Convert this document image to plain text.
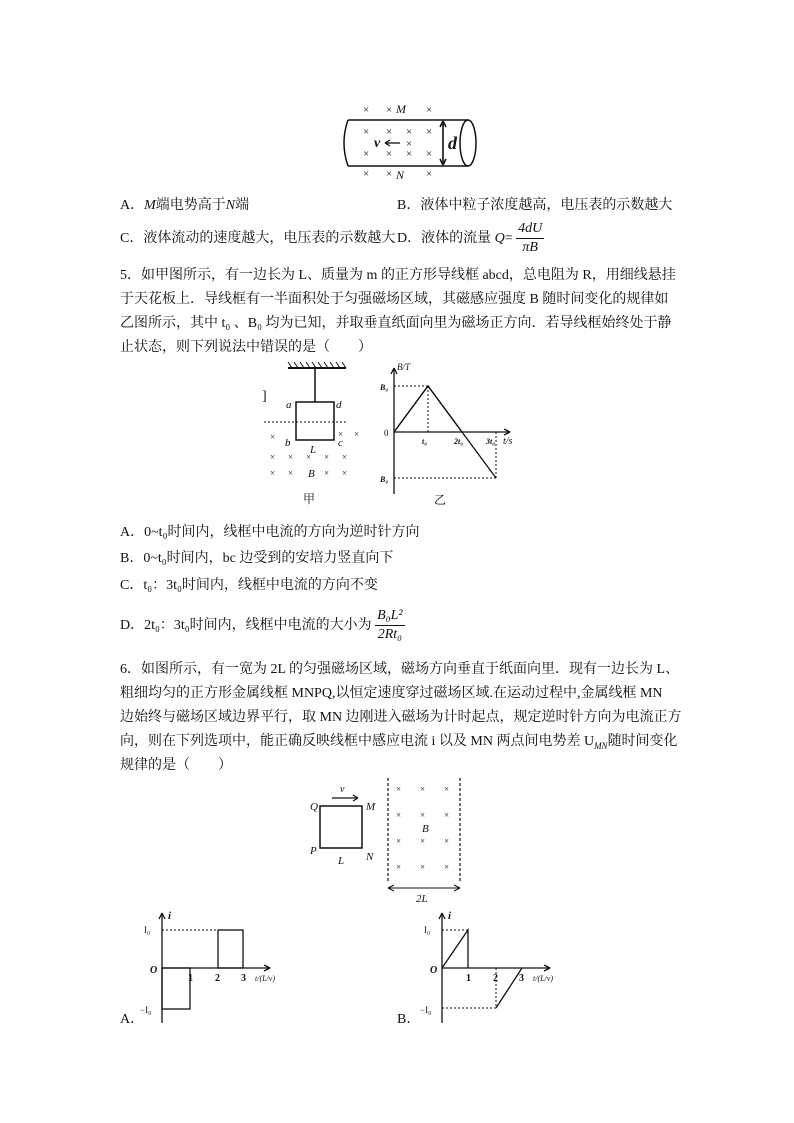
× ×	×
× × × ×
×
× × × ×
× ×	×
M
N
v	d
A．M端电势高于N端	B．液体中粒子浓度越高，电压表的示数越大
C．液体流动的速度越大，电压表的示数越大 D．液体的流量 $Q= \frac{4dU}{\pi B}$
5．如甲图所示，有一边长为 L、质量为 m 的正方形导线框 abcd，总电阻为 R，用细线悬挂
于天花板上．导线框有一半面积处于匀强磁场区域，其磁感应强度 B 随时间变化的规律如
乙图所示，其中 t₀ 、B₀ 均为已知，并取垂直纸面向里为磁场正方向．若导线框始终处于静
止状态，则下列说法中错误的是（　　）
]
a	d
b	c
L
B
×	× ×
× × × × ×
× ×	× ×
甲
B/T
t/s
B₀
B₀
0
t₀	2t₀	3t₀
乙
A．0~t₀时间内，线框中电流的方向为逆时针方向
B．0~t₀时间内，bc 边受到的安培力竖直向下
C．t₀：3t₀时间内，线框中电流的方向不变
D．2t₀：3t₀时间内，线框中电流的大小为 $\frac{\text{B₀L²}}{\text{2Rt₀}}$
6．如图所示，有一宽为 2L 的匀强磁场区域，磁场方向垂直于纸面向里．现有一边长为 L、
粗细均匀的正方形金属线框 MNPQ,以恒定速度穿过磁场区域.在运动过程中,金属线框 MN
边始终与磁场区域边界平行，取 MN 边刚进入磁场为计时起点，规定逆时针方向为电流正方
向，则在下列选项中，能正确反映线框中感应电流 i 以及 MN 两点间电势差 $U_{MN}$随时间变化
规律的是（　　）
v
Q	M
P	N
L
× × ×
× × ×
× × ×
× × ×
B
2L
i
I₀
−I₀
O
1 2 3 t/(L/v)
A．
i
I₀
−I₀
O
1 2 3 t/(L/v)
B．
